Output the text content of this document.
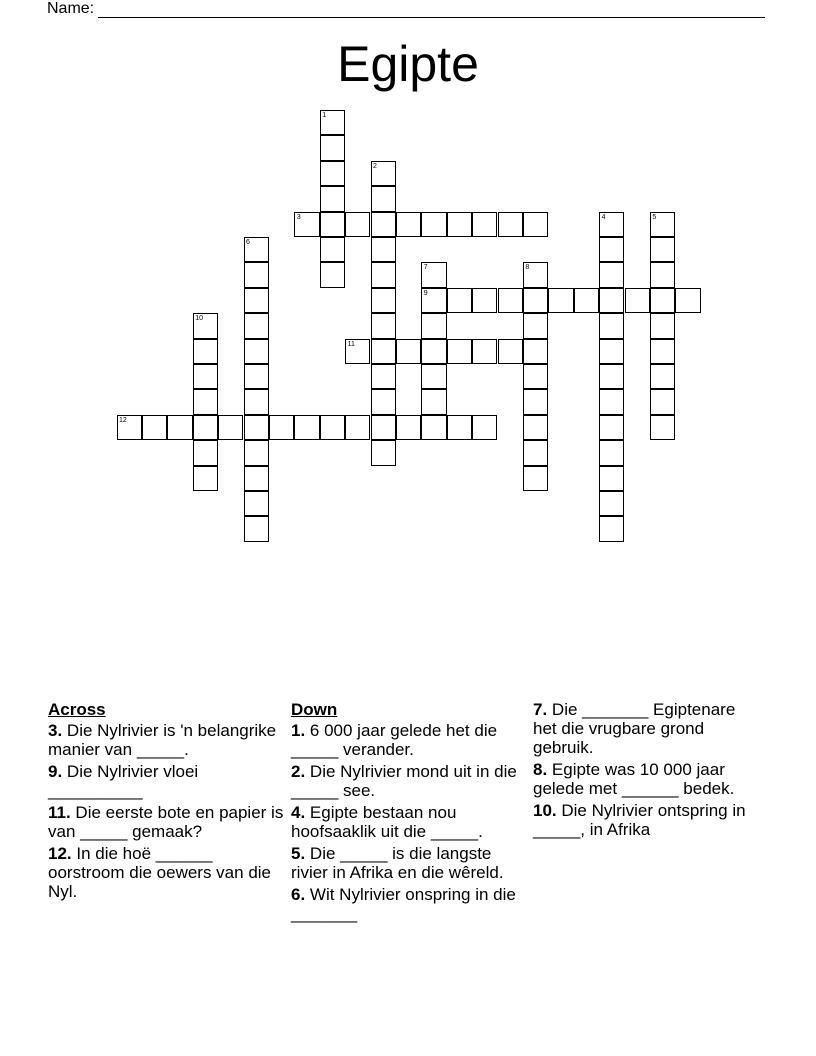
Name:
Egipte
1
2
3	4	5
6
7	8
9
10
11
12
Across
3. Die Nylrivier is 'n belangrike manier van _____.
9. Die Nylrivier vloei __________
11. Die eerste bote en papier is van _____ gemaak?
12. In die hoë ______ oorstroom die oewers van die Nyl.
Down
1. 6 000 jaar gelede het die _____ verander.
2. Die Nylrivier mond uit in die _____ see.
4. Egipte bestaan nou hoofsaaklik uit die _____.
5. Die _____ is die langste rivier in Afrika en die wêreld.
6. Wit Nylrivier onspring in die _______
7. Die _______ Egiptenare het die vrugbare grond gebruik.
8. Egipte was 10 000 jaar gelede met ______ bedek.
10. Die Nylrivier ontspring in _____, in Afrika
